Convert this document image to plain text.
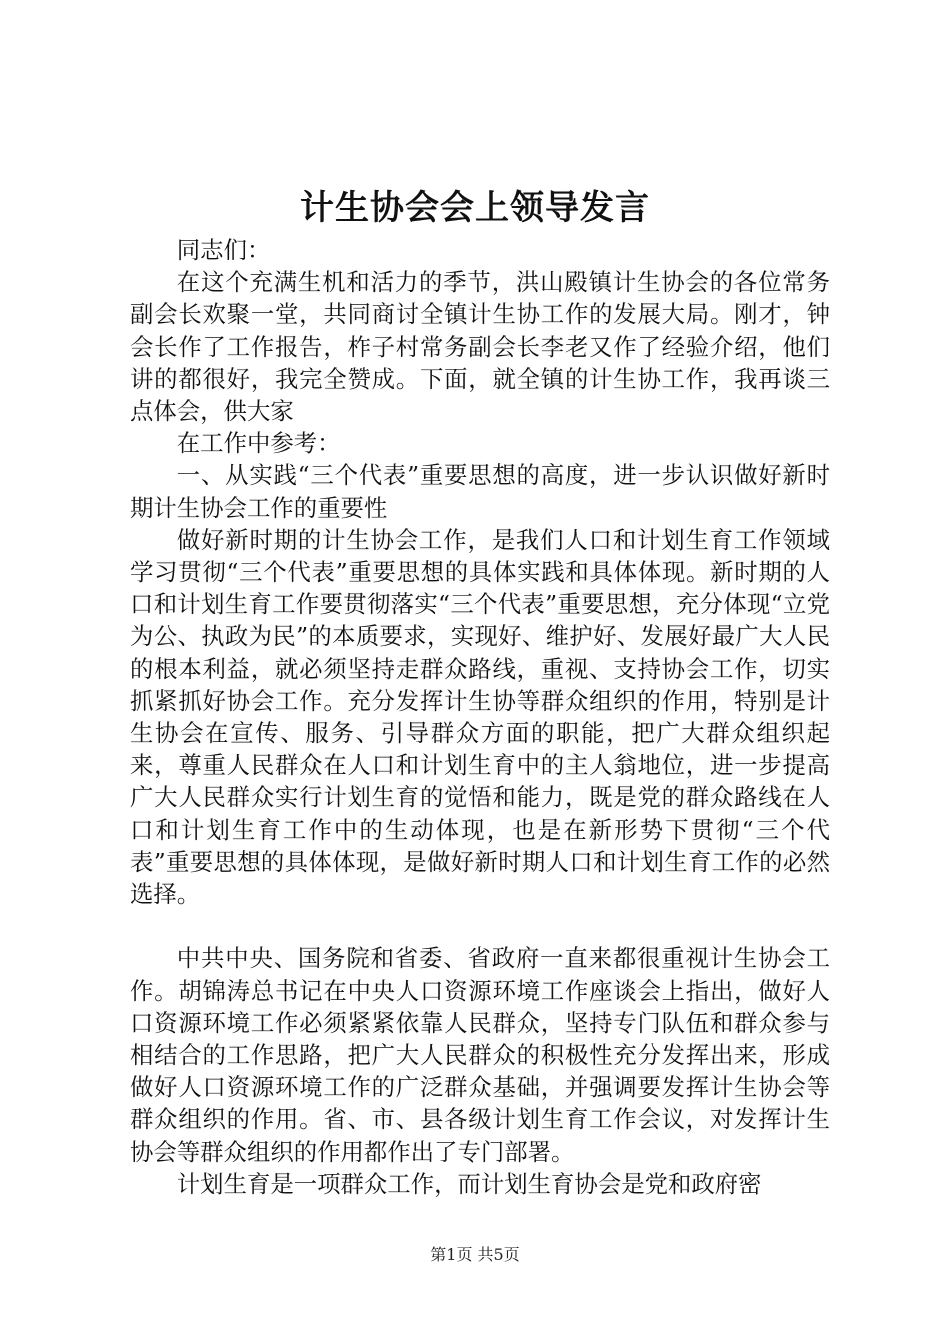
计生协会会上领导发言

同志们：

在这个充满生机和活力的季节，洪山殿镇计生协会的各位常务副会长欢聚一堂，共同商讨全镇计生协工作的发展大局。刚才，钟会长作了工作报告，柞子村常务副会长李老又作了经验介绍，他们讲的都很好，我完全赞成。下面，就全镇的计生协工作，我再谈三点体会，供大家

在工作中参考：

一、从实践“三个代表”重要思想的高度，进一步认识做好新时期计生协会工作的重要性

做好新时期的计生协会工作，是我们人口和计划生育工作领域学习贯彻“三个代表”重要思想的具体实践和具体体现。新时期的人口和计划生育工作要贯彻落实“三个代表”重要思想，充分体现“立党为公、执政为民”的本质要求，实现好、维护好、发展好最广大人民的根本利益，就必须坚持走群众路线，重视、支持协会工作，切实抓紧抓好协会工作。充分发挥计生协等群众组织的作用，特别是计生协会在宣传、服务、引导群众方面的职能，把广大群众组织起来，尊重人民群众在人口和计划生育中的主人翁地位，进一步提高广大人民群众实行计划生育的觉悟和能力，既是党的群众路线在人口和计划生育工作中的生动体现，也是在新形势下贯彻“三个代表”重要思想的具体体现，是做好新时期人口和计划生育工作的必然选择。

中共中央、国务院和省委、省政府一直来都很重视计生协会工作。胡锦涛总书记在中央人口资源环境工作座谈会上指出，做好人口资源环境工作必须紧紧依靠人民群众，坚持专门队伍和群众参与相结合的工作思路，把广大人民群众的积极性充分发挥出来，形成做好人口资源环境工作的广泛群众基础，并强调要发挥计生协会等群众组织的作用。省、市、县各级计划生育工作会议，对发挥计生协会等群众组织的作用都作出了专门部署。

计划生育是一项群众工作，而计划生育协会是党和政府密

第1页 共5页
